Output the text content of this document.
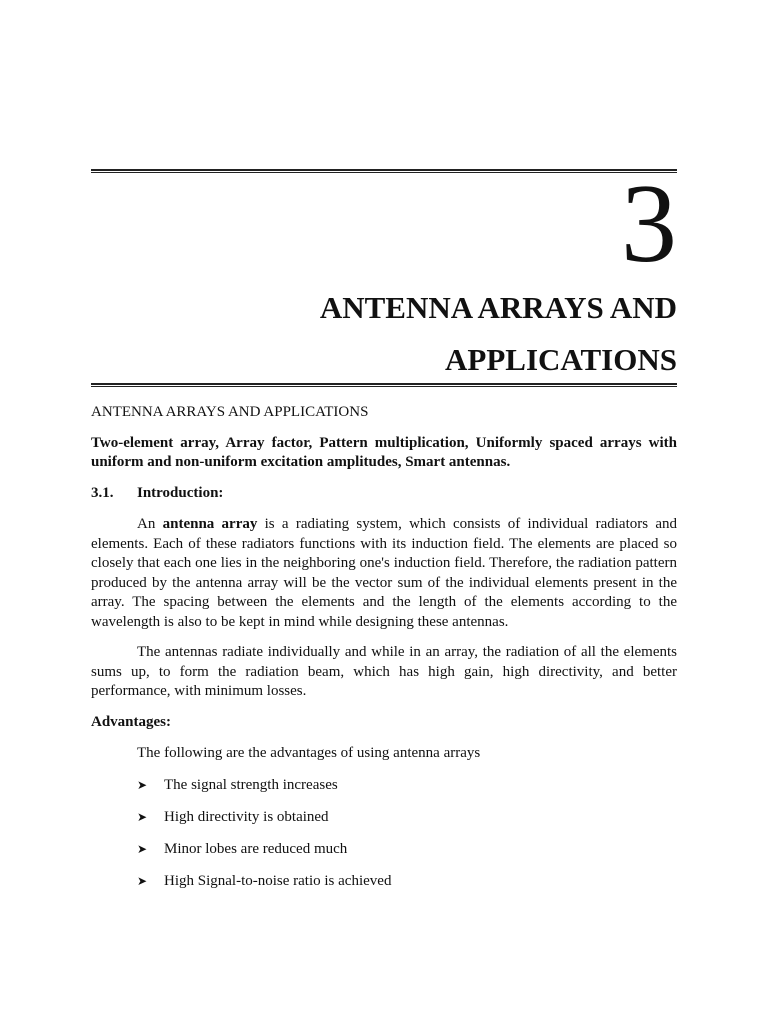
3
ANTENNA ARRAYS AND
APPLICATIONS

ANTENNA ARRAYS AND APPLICATIONS

Two-element array, Array factor, Pattern multiplication, Uniformly spaced arrays with uniform and non-uniform excitation amplitudes, Smart antennas.

3.1. Introduction:

An antenna array is a radiating system, which consists of individual radiators and elements. Each of these radiators functions with its induction field. The elements are placed so closely that each one lies in the neighboring one's induction field. Therefore, the radiation pattern produced by the antenna array will be the vector sum of the individual elements present in the array. The spacing between the elements and the length of the elements according to the wavelength is also to be kept in mind while designing these antennas.

The antennas radiate individually and while in an array, the radiation of all the elements sums up, to form the radiation beam, which has high gain, high directivity, and better performance, with minimum losses.

Advantages:

The following are the advantages of using antenna arrays

➤ The signal strength increases
➤ High directivity is obtained
➤ Minor lobes are reduced much
➤ High Signal-to-noise ratio is achieved
